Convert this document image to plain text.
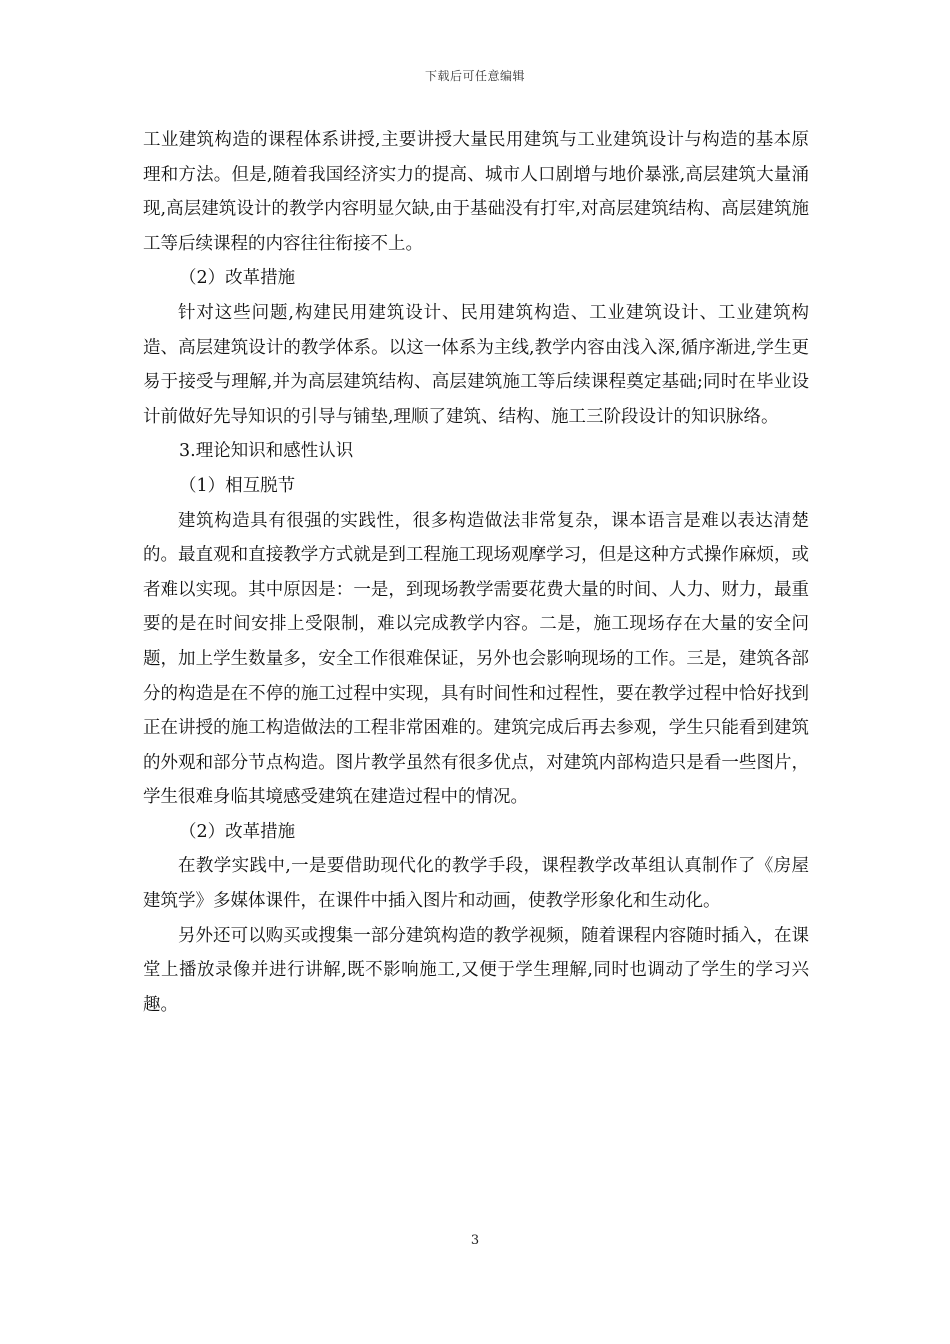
下载后可任意编辑

工业建筑构造的课程体系讲授,主要讲授大量民用建筑与工业建筑设计与构造的基本原理和方法。但是,随着我国经济实力的提高、城市人口剧增与地价暴涨,高层建筑大量涌现,高层建筑设计的教学内容明显欠缺,由于基础没有打牢,对高层建筑结构、高层建筑施工等后续课程的内容往往衔接不上。

（2）改革措施

针对这些问题,构建民用建筑设计、民用建筑构造、工业建筑设计、工业建筑构造、高层建筑设计的教学体系。以这一体系为主线,教学内容由浅入深,循序渐进,学生更易于接受与理解,并为高层建筑结构、高层建筑施工等后续课程奠定基础;同时在毕业设计前做好先导知识的引导与铺垫,理顺了建筑、结构、施工三阶段设计的知识脉络。

3.理论知识和感性认识

（1）相互脱节

建筑构造具有很强的实践性，很多构造做法非常复杂，课本语言是难以表达清楚的。最直观和直接教学方式就是到工程施工现场观摩学习，但是这种方式操作麻烦，或者难以实现。其中原因是：一是，到现场教学需要花费大量的时间、人力、财力，最重要的是在时间安排上受限制，难以完成教学内容。二是，施工现场存在大量的安全问题，加上学生数量多，安全工作很难保证，另外也会影响现场的工作。三是，建筑各部分的构造是在不停的施工过程中实现，具有时间性和过程性，要在教学过程中恰好找到正在讲授的施工构造做法的工程非常困难的。建筑完成后再去参观，学生只能看到建筑的外观和部分节点构造。图片教学虽然有很多优点，对建筑内部构造只是看一些图片，学生很难身临其境感受建筑在建造过程中的情况。

（2）改革措施

在教学实践中,一是要借助现代化的教学手段，课程教学改革组认真制作了《房屋建筑学》多媒体课件，在课件中插入图片和动画，使教学形象化和生动化。

另外还可以购买或搜集一部分建筑构造的教学视频，随着课程内容随时插入，在课堂上播放录像并进行讲解,既不影响施工,又便于学生理解,同时也调动了学生的学习兴趣。

3
